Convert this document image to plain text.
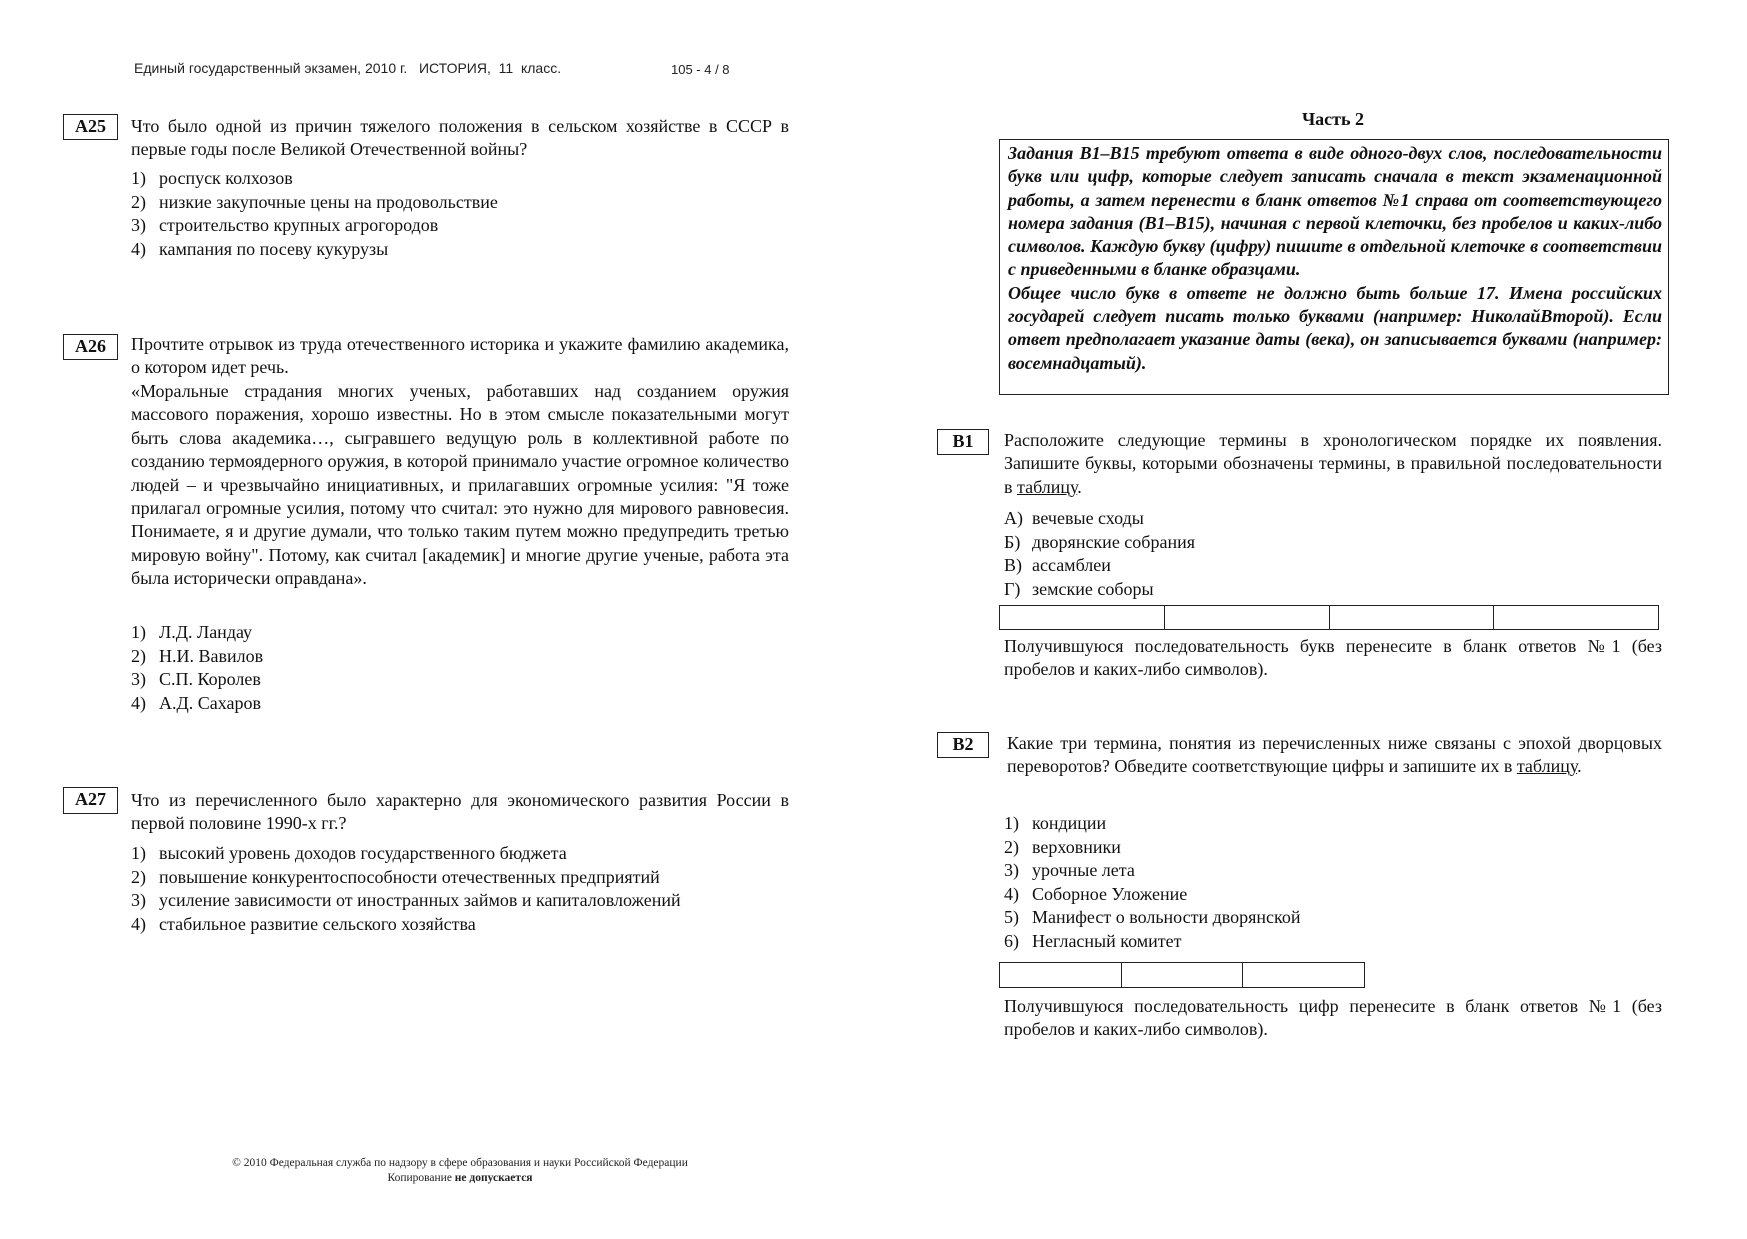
Единый государственный экзамен, 2010 г.   ИСТОРИЯ,  11  класс.	105 - 4 / 8
А25	Что было одной из причин тяжелого положения в сельском хозяйстве в СССР в первые годы после Великой Отечественной войны?
1) роспуск колхозов
2) низкие закупочные цены на продовольствие
3) строительство крупных агрогородов
4) кампания по посеву кукурузы
А26	Прочтите отрывок из труда отечественного историка и укажите фамилию академика, о котором идет речь.
«Моральные страдания многих ученых, работавших над созданием оружия массового поражения, хорошо известны. Но в этом смысле показательными могут быть слова академика…, сыгравшего ведущую роль в коллективной работе по созданию термоядерного оружия, в которой принимало участие огромное количество людей – и чрезвычайно инициативных, и прилагавших огромные усилия: "Я тоже прилагал огромные усилия, потому что считал: это нужно для мирового равновесия. Понимаете, я и другие думали, что только таким путем можно предупредить третью мировую войну". Потому, как считал [академик] и многие другие ученые, работа эта была исторически оправдана».
1) Л.Д. Ландау
2) Н.И. Вавилов
3) С.П. Королев
4) А.Д. Сахаров
А27	Что из перечисленного было характерно для экономического развития России в первой половине 1990-х гг.?
1) высокий уровень доходов государственного бюджета
2) повышение конкурентоспособности отечественных предприятий
3) усиление зависимости от иностранных займов и капиталовложений
4) стабильное развитие сельского хозяйства
Часть 2
Задания В1–В15 требуют ответа в виде одного-двух слов, последовательности букв или цифр, которые следует записать сначала в текст экзаменационной работы, а затем перенести в бланк ответов №1 справа от соответствующего номера задания (В1–В15), начиная с первой клеточки, без пробелов и каких-либо символов. Каждую букву (цифру) пишите в отдельной клеточке в соответствии с приведенными в бланке образцами.
Общее число букв в ответе не должно быть больше 17. Имена российских государей следует писать только буквами (например: НиколайВторой). Если ответ предполагает указание даты (века), он записывается буквами (например: восемнадцатый).
В1	Расположите следующие термины в хронологическом порядке их появления. Запишите буквы, которыми обозначены термины, в правильной последовательности в таблицу.
А) вечевые сходы
Б) дворянские собрания
В) ассамблеи
Г) земские соборы
Получившуюся последовательность букв перенесите в бланк ответов №1 (без пробелов и каких-либо символов).
В2	Какие три термина, понятия из перечисленных ниже связаны с эпохой дворцовых переворотов? Обведите соответствующие цифры и запишите их в таблицу.
1) кондиции
2) верховники
3) урочные лета
4) Соборное Уложение
5) Манифест о вольности дворянской
6) Негласный комитет
Получившуюся последовательность цифр перенесите в бланк ответов №1 (без пробелов и каких-либо символов).
© 2010 Федеральная служба по надзору в сфере образования и науки Российской Федерации
Копирование не допускается
